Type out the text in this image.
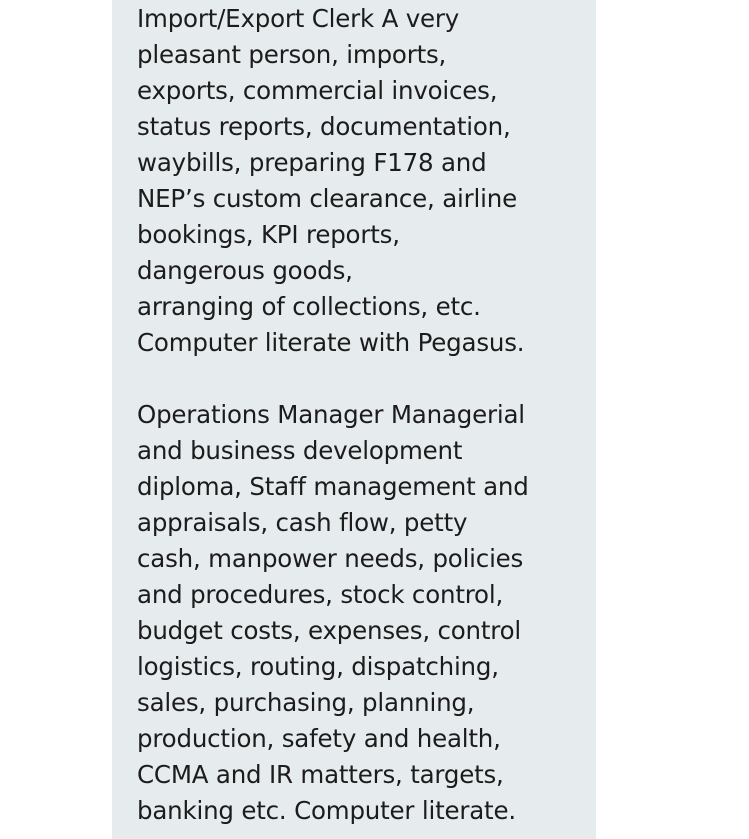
Import/Export Clerk A very
pleasant person, imports,
exports, commercial invoices,
status reports, documentation,
waybills, preparing F178 and
NEP’s custom clearance, airline
bookings, KPI reports,
dangerous goods,
arranging of collections, etc.
Computer literate with Pegasus.
Operations Manager Managerial
and business development
diploma, Staff management and
appraisals, cash flow, petty
cash, manpower needs, policies
and procedures, stock control,
budget costs, expenses, control
logistics, routing, dispatching,
sales, purchasing, planning,
production, safety and health,
CCMA and IR matters, targets,
banking etc. Computer literate.
